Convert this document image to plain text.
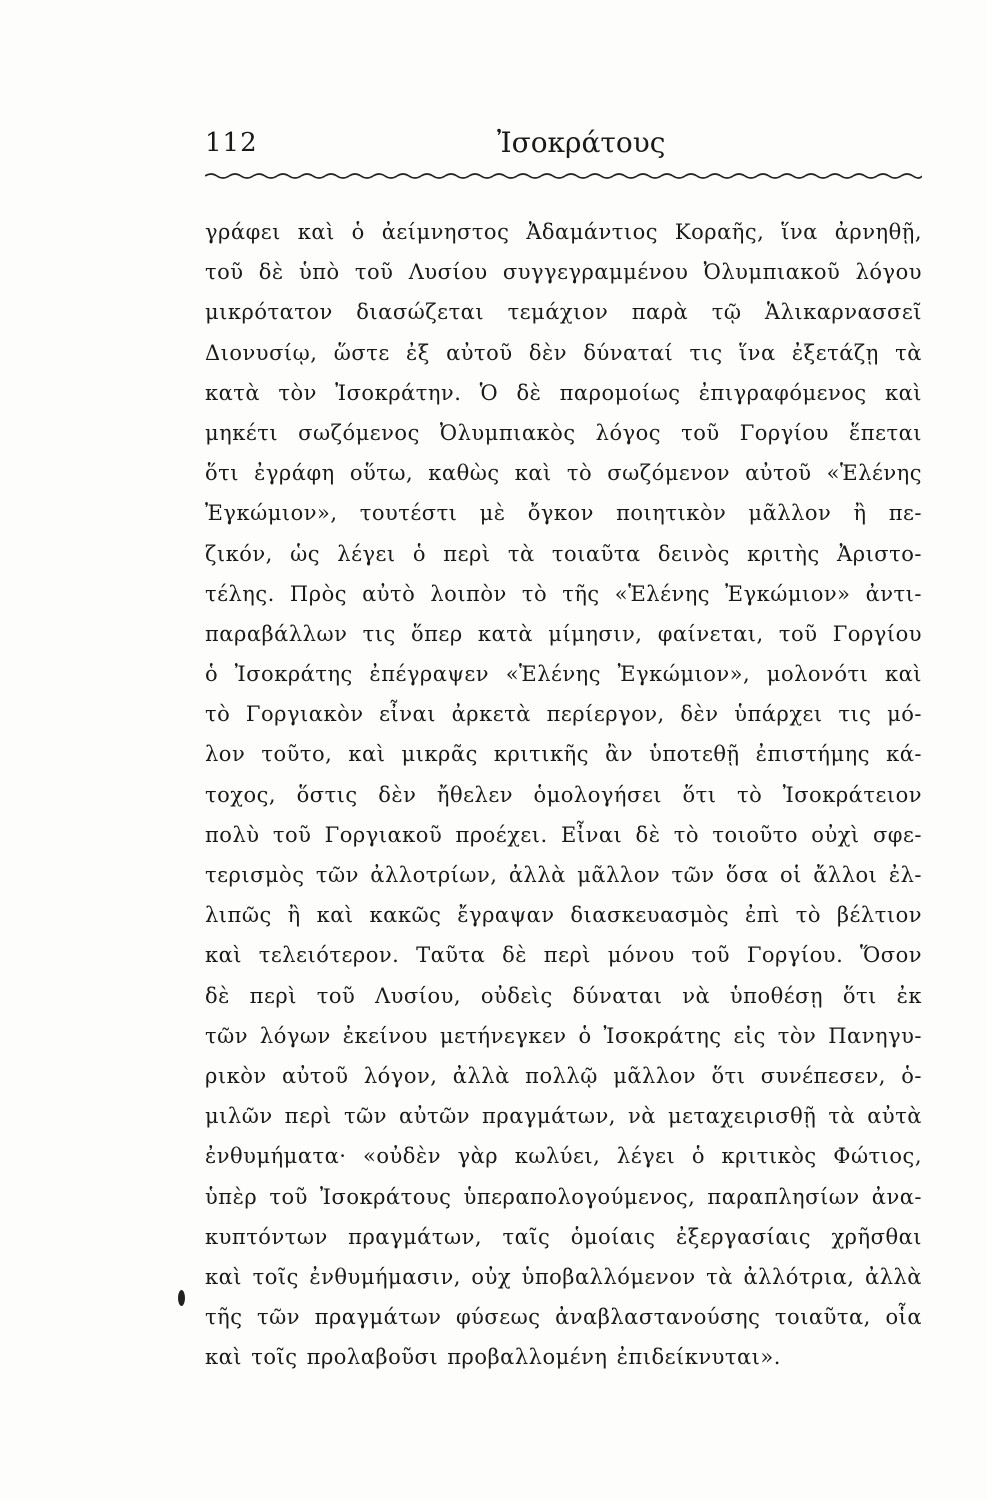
112	Ἰσοκράτους
γράφει καὶ ὁ ἀείμνηστος Ἀδαμάντιος Κοραῆς, ἵνα ἀρνηθῇ,
τοῦ δὲ ὑπὸ τοῦ Λυσίου συγγεγραμμένου Ὀλυμπιακοῦ λόγου
μικρότατον διασώζεται τεμάχιον παρὰ τῷ Ἁλικαρνασσεῖ
Διονυσίῳ, ὥστε ἐξ αὐτοῦ δὲν δύναταί τις ἵνα ἐξετάζῃ τὰ
κατὰ τὸν Ἰσοκράτην. Ὁ δὲ παρομοίως ἐπιγραφόμενος καὶ
μηκέτι σωζόμενος Ὀλυμπιακὸς λόγος τοῦ Γοργίου ἕπεται
ὅτι ἐγράφη οὕτω, καθὼς καὶ τὸ σωζόμενον αὐτοῦ «Ἑλένης
Ἐγκώμιον», τουτέστι μὲ ὄγκον ποιητικὸν μᾶλλον ἢ πε-
ζικόν, ὡς λέγει ὁ περὶ τὰ τοιαῦτα δεινὸς κριτὴς Ἀριστο-
τέλης. Πρὸς αὐτὸ λοιπὸν τὸ τῆς «Ἑλένης Ἐγκώμιον» ἀντι-
παραβάλλων τις ὅπερ κατὰ μίμησιν, φαίνεται, τοῦ Γοργίου
ὁ Ἰσοκράτης ἐπέγραψεν «Ἑλένης Ἐγκώμιον», μολονότι καὶ
τὸ Γοργιακὸν εἶναι ἀρκετὰ περίεργον, δὲν ὑπάρχει τις μό-
λον τοῦτο, καὶ μικρᾶς κριτικῆς ἂν ὑποτεθῇ ἐπιστήμης κά-
τοχος, ὅστις δὲν ἤθελεν ὁμολογήσει ὅτι τὸ Ἰσοκράτειον
πολὺ τοῦ Γοργιακοῦ προέχει. Εἶναι δὲ τὸ τοιοῦτο οὐχὶ σφε-
τερισμὸς τῶν ἀλλοτρίων, ἀλλὰ μᾶλλον τῶν ὅσα οἱ ἄλλοι ἐλ-
λιπῶς ἢ καὶ κακῶς ἔγραψαν διασκευασμὸς ἐπὶ τὸ βέλτιον
καὶ τελειότερον. Ταῦτα δὲ περὶ μόνου τοῦ Γοργίου. Ὅσον
δὲ περὶ τοῦ Λυσίου, οὐδεὶς δύναται νὰ ὑποθέσῃ ὅτι ἐκ
τῶν λόγων ἐκείνου μετήνεγκεν ὁ Ἰσοκράτης εἰς τὸν Πανηγυ-
ρικὸν αὐτοῦ λόγον, ἀλλὰ πολλῷ μᾶλλον ὅτι συνέπεσεν, ὁ-
μιλῶν περὶ τῶν αὐτῶν πραγμάτων, νὰ μεταχειρισθῇ τὰ αὐτὰ
ἐνθυμήματα· «οὐδὲν γὰρ κωλύει, λέγει ὁ κριτικὸς Φώτιος,
ὑπὲρ τοῦ Ἰσοκράτους ὑπεραπολογούμενος, παραπλησίων ἀνα-
κυπτόντων πραγμάτων, ταῖς ὁμοίαις ἐξεργασίαις χρῆσθαι
καὶ τοῖς ἐνθυμήμασιν, οὐχ ὑποβαλλόμενον τὰ ἀλλότρια, ἀλλὰ
τῆς τῶν πραγμάτων φύσεως ἀναβλαστανούσης τοιαῦτα, οἷα
καὶ τοῖς προλαβοῦσι προβαλλομένη ἐπιδείκνυται».
